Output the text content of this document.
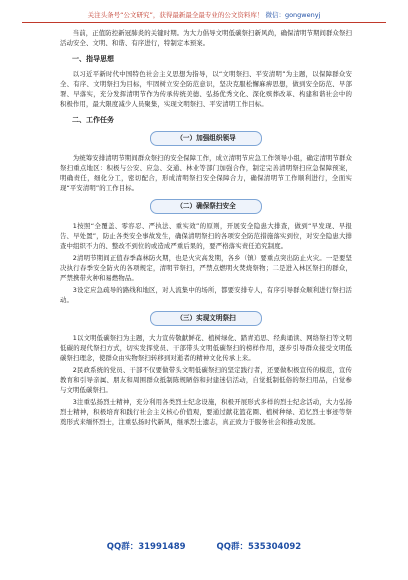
关注头条号“公文研究”，获得最新最全最专业的公文资料库！ 微信：gongwenyj

当前，正值防控新冠肺炎的关键时期。为大力倡导文明低碳祭扫新风尚，确保清明节期间群众祭扫活动安全、文明、和谐、有序进行，特制定本预案。

一、指导思想

以习近平新时代中国特色社会主义思想为指导，以“文明祭扫、平安清明”为主题，以保障群众安全、有序、文明祭扫为目标，牢固树立安全防范意识，坚决克服松懈麻痹思想，做到安全防范、早部署、早落实，充分发挥清明节作为传承传统美德、弘扬优秀文化、深化殡葬改革、构建和谐社会中的积极作用，最大限度减少人员聚集，实现文明祭扫、平安清明工作目标。

二、工作任务
（一）加强组织领导

为统筹安排清明节期间群众祭扫的安全保障工作，成立清明节应急工作领导小组，确定清明节群众祭扫重点地区：积极与公安、应急、交通、林业等部门加强合作，制定完善清明祭扫应急保障预案，明确责任，细化分工，密切配合，形成清明祭扫安全保障合力，确保清明节工作顺利进行，全面实现“平安清明”的工作目标。

（二）确保祭扫安全

1按照“全覆盖、零容忍、严执法、重实效”的原则，开展安全隐患大排查，做到“早发现、早报告、早处置”，防止各类安全事故发生，确保清明祭扫的各项安全防范措施落实到位，对安全隐患大排查中组织不力的、整改不到位的或造成严重后果的，要严格落实责任追究制度。

2清明节期间正值春季森林防火期，也是火灾高发期，各乡（镇）要重点突出防止火灾。一是要坚决执行春季安全防火的各项规定，清明节祭扫，严禁点燃明火焚烧祭物；二是进入林区祭扫的群众，严禁携带火种和易燃物品。

3设定应急疏导的路线和地区，对人流集中的场所，都要安排专人，有序引导群众顺利进行祭扫活动。

（三）实现文明祭扫

1以文明低碳祭扫为主题，大力宣传敬献鲜花、植树绿化、踏青追思、经典诵读、网络祭扫等文明低碳的现代祭扫方式，切实发挥党员、干部带头文明低碳祭扫的榜样作用，逐步引导群众接受文明低碳祭扫理念，使群众由实物祭扫转移到对逝者的精神文化传承上来。

2民政系统的党员、干部不仅要做带头文明低碳祭扫的坚定践行者，还要做积极宣传的模范，宣传教育和引导亲属、朋友和周围群众抵制陈规陋俗和封建迷信活动，自觉抵制低俗的祭扫用品，自觉参与文明低碳祭扫。

3注重弘扬烈士精神，充分利用各类烈士纪念设施，积极开展形式多样的烈士纪念活动，大力弘扬烈士精神，积极培育和践行社会主义核心价值观，要通过献花篮花圈、植树种绿、追忆烈士事迹等祭奠形式来缅怀烈士，注重弘扬时代新风，继承烈士遗志，真正致力于服务社会和推动发展。

QQ群：31991489	QQ群：535304092
